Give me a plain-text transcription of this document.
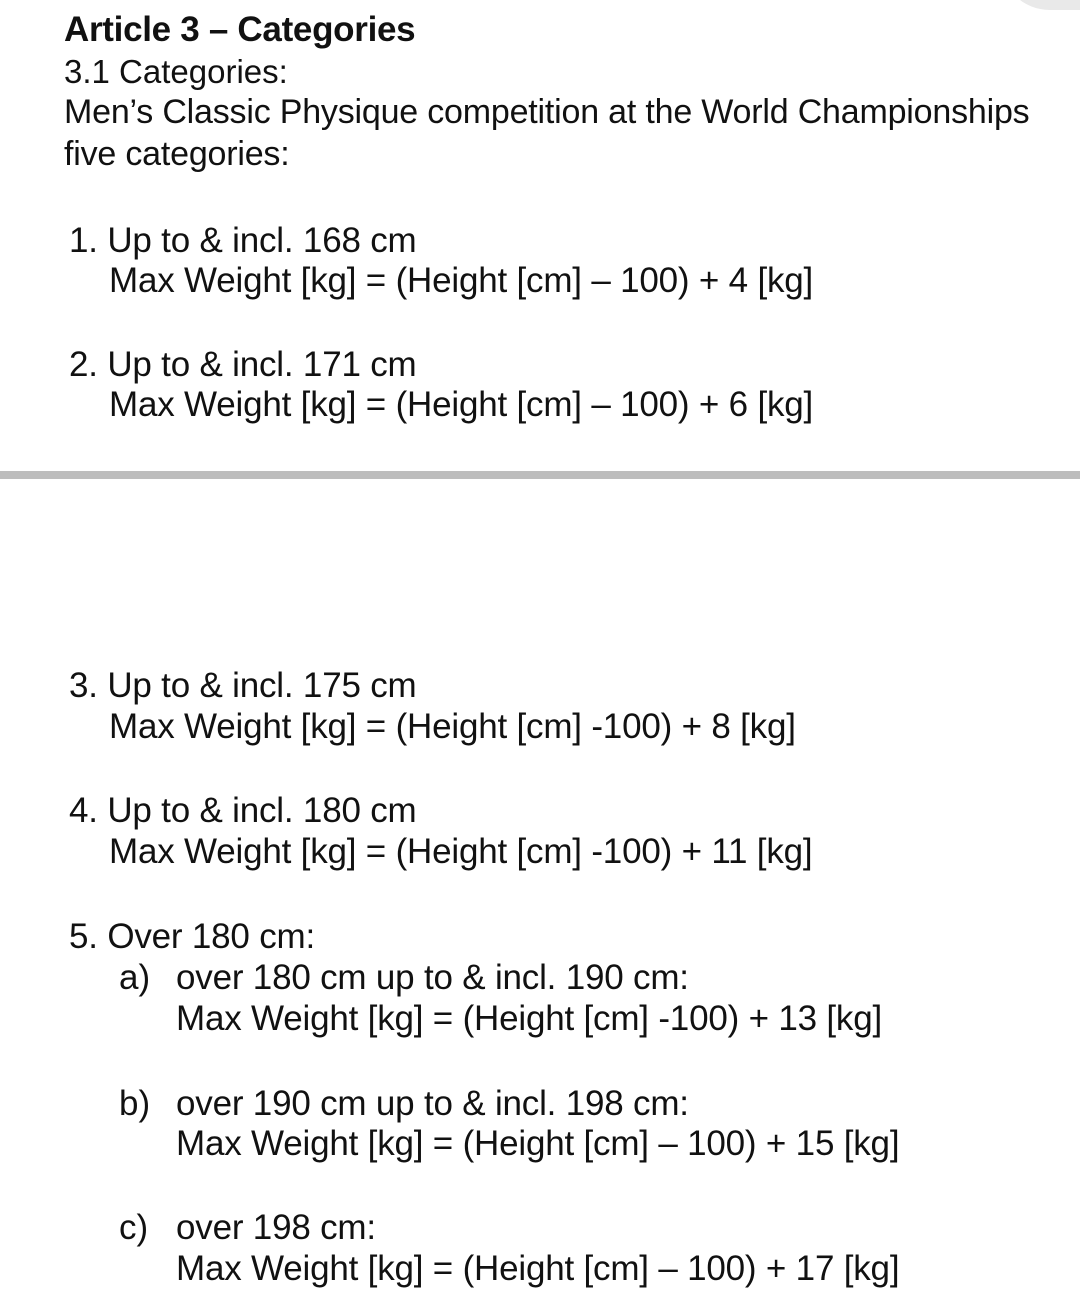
Article 3 – Categories
3.1 Categories:
Men’s Classic Physique competition at the World Championships
five categories:
1. Up to & incl. 168 cm
Max Weight [kg] = (Height [cm] – 100) + 4 [kg]
2. Up to & incl. 171 cm
Max Weight [kg] = (Height [cm] – 100) + 6 [kg]
3. Up to & incl. 175 cm
Max Weight [kg] = (Height [cm] -100) + 8 [kg]
4. Up to & incl. 180 cm
Max Weight [kg] = (Height [cm] -100) + 11 [kg]
5. Over 180 cm:
a) over 180 cm up to & incl. 190 cm:
Max Weight [kg] = (Height [cm] -100) + 13 [kg]
b) over 190 cm up to & incl. 198 cm:
Max Weight [kg] = (Height [cm] – 100) + 15 [kg]
c) over 198 cm:
Max Weight [kg] = (Height [cm] – 100) + 17 [kg]
